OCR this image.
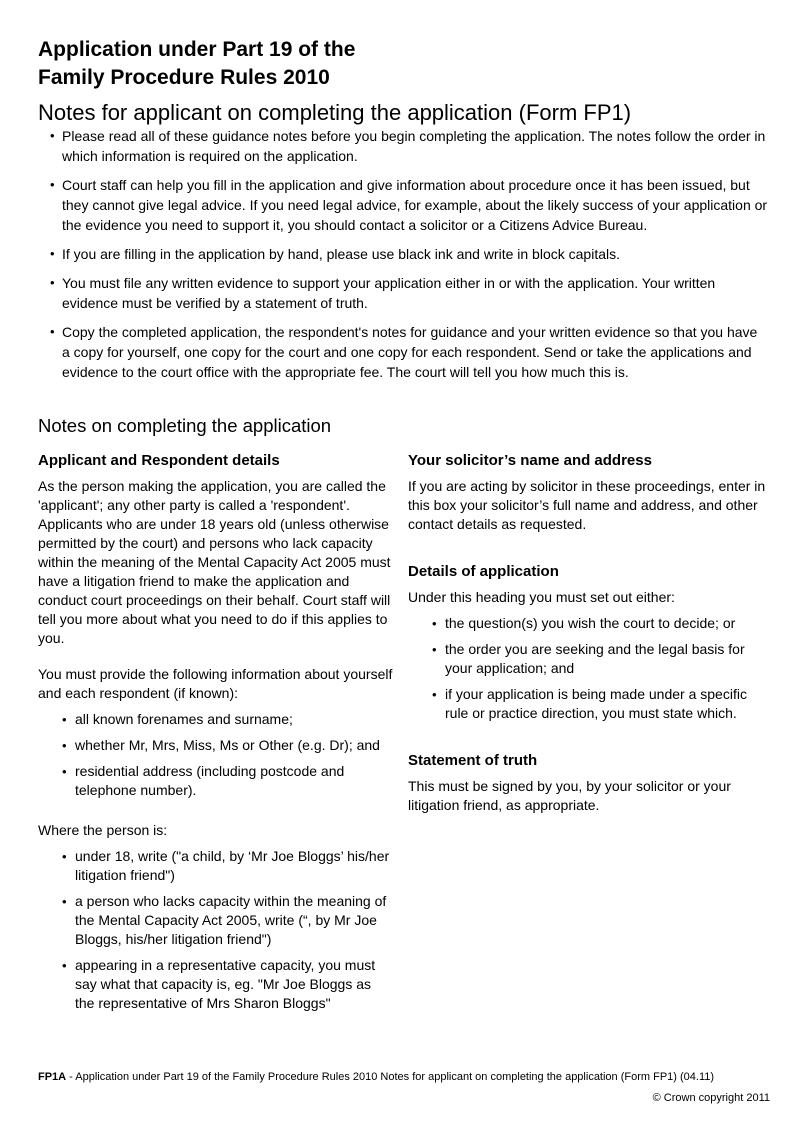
Application under Part 19 of the
Family Procedure Rules 2010
Notes for applicant on completing the application (Form FP1)
• Please read all of these guidance notes before you begin completing the application. The notes follow the order in which information is required on the application.
• Court staff can help you fill in the application and give information about procedure once it has been issued, but they cannot give legal advice. If you need legal advice, for example, about the likely success of your application or the evidence you need to support it, you should contact a solicitor or a Citizens Advice Bureau.
• If you are filling in the application by hand, please use black ink and write in block capitals.
• You must file any written evidence to support your application either in or with the application. Your written evidence must be verified by a statement of truth.
• Copy the completed application, the respondent's notes for guidance and your written evidence so that you have a copy for yourself, one copy for the court and one copy for each respondent. Send or take the applications and evidence to the court office with the appropriate fee. The court will tell you how much this is.
Notes on completing the application
Applicant and Respondent details

As the person making the application, you are called the 'applicant'; any other party is called a 'respondent'. Applicants who are under 18 years old (unless otherwise permitted by the court) and persons who lack capacity within the meaning of the Mental Capacity Act 2005 must have a litigation friend to make the application and conduct court proceedings on their behalf. Court staff will tell you more about what you need to do if this applies to you.

You must provide the following information about yourself and each respondent (if known):

• all known forenames and surname;
• whether Mr, Mrs, Miss, Ms or Other (e.g. Dr); and
• residential address (including postcode and telephone number).

Where the person is:

• under 18, write ("a child, by ‘Mr Joe Bloggs’ his/her litigation friend")
• a person who lacks capacity within the meaning of the Mental Capacity Act 2005, write (“, by Mr Joe Bloggs, his/her litigation friend")
• appearing in a representative capacity, you must say what that capacity is, eg. "Mr Joe Bloggs as the representative of Mrs Sharon Bloggs"
Your solicitor’s name and address

If you are acting by solicitor in these proceedings, enter in this box your solicitor’s full name and address, and other contact details as requested.

Details of application

Under this heading you must set out either:

• the question(s) you wish the court to decide; or
• the order you are seeking and the legal basis for your application; and
• if your application is being made under a specific rule or practice direction, you must state which.
Statement of truth

This must be signed by you, by your solicitor or your litigation friend, as appropriate.

FP1A - Application under Part 19 of the Family Procedure Rules 2010 Notes for applicant on completing the application (Form FP1) (04.11)
© Crown copyright 2011
